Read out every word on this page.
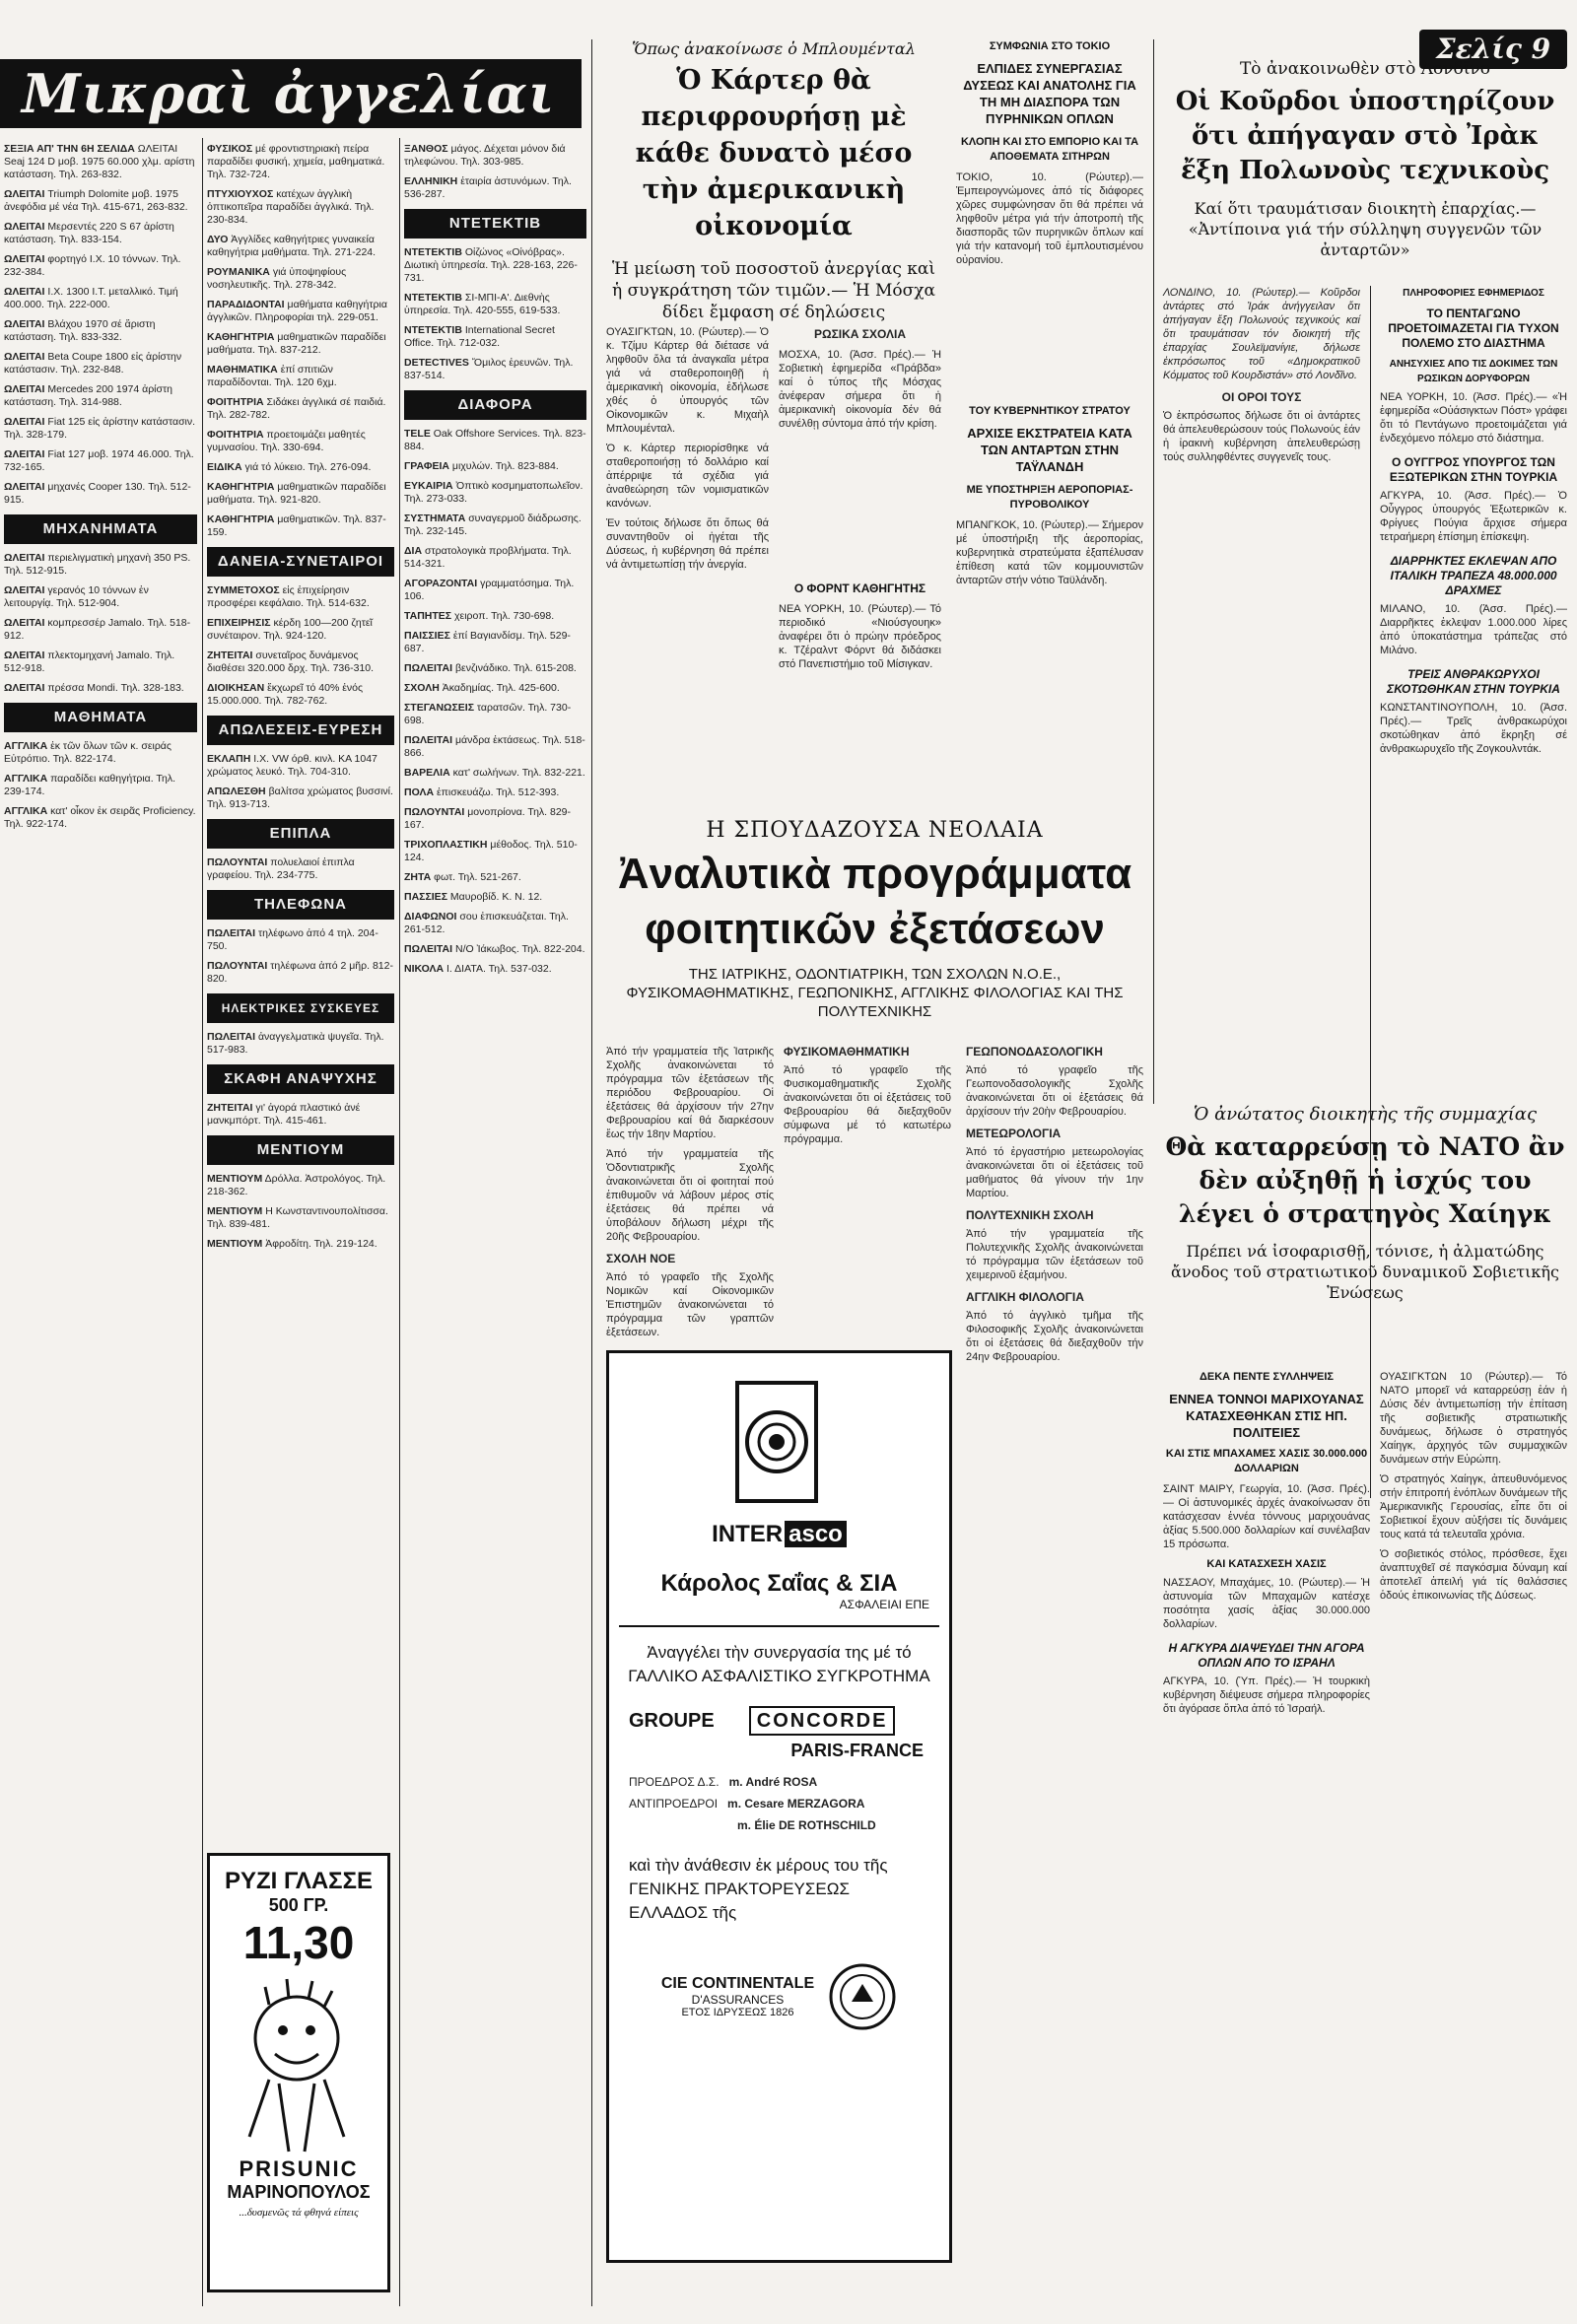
Μικραὶ ἀγγελίαι
Σελίς 9

ΣΕΞΙΑ ΑΠ' ΤΗΝ 6Η ΣΕΛΙΔΑ ΩΛΕΙΤΑΙ Seaj 124 D μοβ. 1975 60.000 χλμ. αρίστη κατάσταση. Τηλ. 263-832.

ΩΛΕΙΤΑΙ Triumph Dolomite μοβ. 1975 ἀνεφόδια μέ νέα Τηλ. 415-671, 263-832.

ΩΛΕΙΤΑΙ Μερσεντές 220 S 67 ἀρίστη κατάσταση. Τηλ. 833-154.

ΩΛΕΙΤΑΙ φορτηγό I.X. 10 τόννων. Τηλ. 232-384.

ΩΛΕΙΤΑΙ Ι.Χ. 1300 Ι.Τ. μεταλλικό. Τιμή 400.000. Τηλ. 222-000.

ΩΛΕΙΤΑΙ Βλάχου 1970 σέ ἄριστη κατάσταση. Τηλ. 833-332.

ΩΛΕΙΤΑΙ Beta Coupe 1800 εἰς ἀρίστην κατάστασιν. Τηλ. 232-848.

ΩΛΕΙΤΑΙ Mercedes 200 1974 ἀρίστη κατάσταση. Τηλ. 314-988.

ΩΛΕΙΤΑΙ Fiat 125 εἰς ἀρίστην κατάστασιν. Τηλ. 328-179.

ΩΛΕΙΤΑΙ Fiat 127 μοβ. 1974 46.000. Τηλ. 732-165.

ΩΛΕΙΤΑΙ μηχανές Cooper 130. Τηλ. 512-915.

ΜΗΧΑΝΗΜΑΤΑ

ΩΛΕΙΤΑΙ περιελιγματικὴ μηχανὴ 350 PS. Τηλ. 512-915.

ΩΛΕΙΤΑΙ γερανός 10 τόννων ἐν λειτουργίᾳ. Τηλ. 512-904.

ΩΛΕΙΤΑΙ κομπρεσσέρ Jamalo. Τηλ. 518-912.

ΩΛΕΙΤΑΙ πλεκτομηχανή Jamalo. Τηλ. 512-918.

ΩΛΕΙΤΑΙ πρέσσα Mondi. Τηλ. 328-183.

ΜΑΘΗΜΑΤΑ

ΑΓΓΛΙΚΑ ἐκ τῶν ὅλων τῶν κ. σειράς Εὐτρόπιο. Τηλ. 822-174.

ΑΓΓΛΙΚΑ παραδίδει καθηγήτρια. Τηλ. 239-174.

ΑΓΓΛΙΚΑ κατ' οἶκον ἐκ σειρᾶς Proficiency. Τηλ. 922-174.

ΦΥΣΙΚΟΣ μέ φροντιστηριακὴ πείρα παραδίδει φυσική, χημεία, μαθηματικά. Τηλ. 732-724.

ΠΤΥΧΙΟΥΧΟΣ κατέχων ἀγγλικὴ ὀπτικοπεῖρα παραδίδει ἀγγλικά. Τηλ. 230-834.

ΔΥΟ Ἀγγλίδες καθηγήτριες γυναικεία καθηγήτρια μαθήματα. Τηλ. 271-224.

ΡΟΥΜΑΝΙΚΑ γιά ὑποψηφίους νοσηλευτικῆς. Τηλ. 278-342.

ΠΑΡΑΔΙΔΟΝΤΑΙ μαθήματα καθηγήτρια ἀγγλικῶν. Πληροφορίαι τηλ. 229-051.

ΚΑΘΗΓΗΤΡΙΑ μαθηματικῶν παραδίδει μαθήματα. Τηλ. 837-212.

ΜΑΘΗΜΑΤΙΚΑ ἐπί σπιτιῶν παραδίδονται. Τηλ. 120 6χμ.

ΦΟΙΤΗΤΡΙΑ Σιδάκει ἀγγλικά σέ παιδιά. Τηλ. 282-782.

ΦΟΙΤΗΤΡΙΑ προετοιμάζει μαθητές γυμνασίου. Τηλ. 330-694.

ΕΙΔΙΚΑ γιά τό λύκειο. Τηλ. 276-094.

ΚΑΘΗΓΗΤΡΙΑ μαθηματικῶν παραδίδει μαθήματα. Τηλ. 921-820.

ΚΑΘΗΓΗΤΡΙΑ μαθηματικῶν. Τηλ. 837-159.

ΔΑΝΕΙΑ-ΣΥΝΕΤΑΙΡΟΙ

ΣΥΜΜΕΤΟΧΟΣ εἰς ἐπιχείρησιν προσφέρει κεφάλαιο. Τηλ. 514-632.

ΕΠΙΧΕΙΡΗΣΙΣ κέρδη 100—200 ζητεῖ συνέταιρον. Τηλ. 924-120.

ΖΗΤΕΙΤΑΙ συνεταῖρος δυνάμενος διαθέσει 320.000 δρχ. Τηλ. 736-310.

ΔΙΟΙΚΗΣΑΝ ἔκχωρεῖ τό 40% ἐνός 15.000.000. Τηλ. 782-762.

ΑΠΩΛΕΣΕΙΣ-ΕΥΡΕΣΗ

ΕΚΛΑΠΗ I.X. VW όρθ. κινλ. ΚΑ 1047 χρώματος λευκό. Τηλ. 704-310.

ΑΠΩΛΕΣΘΗ βαλίτσα χρώματος βυσσινί. Τηλ. 913-713.

ΕΠΙΠΛΑ

ΠΩΛΟΥΝΤΑΙ πολυελαιοί ἐπιπλα γραφείου. Τηλ. 234-775.

ΤΗΛΕΦΩΝΑ

ΠΩΛΕΙΤΑΙ τηλέφωνο ἀπό 4 τηλ. 204-750.

ΠΩΛΟΥΝΤΑΙ τηλέφωνα ἀπό 2 μῆρ. 812-820.

ΗΛΕΚΤΡΙΚΕΣ ΣΥΣΚΕΥΕΣ

ΠΩΛΕΙΤΑΙ ἀναγγελματικὰ ψυγεῖα. Τηλ. 517-983.

ΣΚΑΦΗ ΑΝΑΨΥΧΗΣ

ΖΗΤΕΙΤΑΙ γι' ἀγορά πλαστικό ἀνέ μανκμπόρτ. Τηλ. 415-461.

ΜΕΝΤΙΟΥΜ

ΜΕΝΤΙΟΥΜ Δρόλλα. Ἀστρολόγος. Τηλ. 218-362.

ΜΕΝΤΙΟΥΜ Η Κωνσταντινουπολίτισσα. Τηλ. 839-481.

ΜΕΝΤΙΟΥΜ Ἀφροδίτη. Τηλ. 219-124.

ΞΑΝΘΟΣ μάγος. Δέχεται μόνον διά τηλεφώνου. Τηλ. 303-985.

ΕΛΛΗΝΙΚΗ ἑταιρία ἀστυνόμων. Τηλ. 536-287.

ΝΤΕΤΕΚΤΙΒ

ΝΤΕΤΕΚΤΙΒ Οἰζώνος «Οἰνόβρας». Διωτικὴ ὑπηρεσία. Τηλ. 228-163, 226-731.

ΝΤΕΤΕΚΤΙΒ ΣΙ-ΜΠΙ-Α'. Διεθνὴς ὑπηρεσία. Τηλ. 420-555, 619-533.

ΝΤΕΤΕΚΤΙΒ International Secret Office. Τηλ. 712-032.

DETECTIVES Ὅμιλος ἐρευνῶν. Τηλ. 837-514.

ΔΙΑΦΟΡΑ

TELE Oak Offshore Services. Τηλ. 823-884.

ΓΡΑΦΕΙΑ μιχυλών. Τηλ. 823-884.

ΕΥΚΑΙΡΙΑ Ὀπτικὸ κοσμηματοπωλεῖον. Τηλ. 273-033.

ΣΥΣΤΗΜΑΤΑ συναγερμοῦ διάδρωσης. Τηλ. 232-145.

ΔΙΑ στρατολογικὰ προβλήματα. Τηλ. 514-321.

ΑΓΟΡΑΖΟΝΤΑΙ γραμματόσημα. Τηλ. 106.

ΤΑΠΗΤΕΣ χειροπ. Τηλ. 730-698.

ΠΑΙΣΣΙΕΣ ἐπί Βαγιανδίσμ. Τηλ. 529-687.

ΠΩΛΕΙΤΑΙ βενζινάδικο. Τηλ. 615-208.

ΣΧΟΛΗ Ἀκαδημίας. Τηλ. 425-600.

ΣΤΕΓΑΝΩΣΕΙΣ ταρατσῶν. Τηλ. 730-698.

ΠΩΛΕΙΤΑΙ μάνδρα ἐκτάσεως. Τηλ. 518-866.

ΒΑΡΕΛΙΑ κατ' σωλήνων. Τηλ. 832-221.

ΠΟΛΑ ἐπισκευάζω. Τηλ. 512-393.

ΠΩΛΟΥΝΤΑΙ μονοπρίονα. Τηλ. 829-167.

ΤΡΙΧΟΠΛΑΣΤΙΚΗ μέθοδος. Τηλ. 510-124.

ΖΗΤΑ φωτ. Τηλ. 521-267.

ΠΑΣΣΙΕΣ Μαυροβίδ. Κ. Ν. 12.

ΔΙΑΦΩΝΟΙ σου ἐπισκευάζεται. Τηλ. 261-512.

ΠΩΛΕΙΤΑΙ Ν/Ο Ἰάκωβος. Τηλ. 822-204.

ΝΙΚΟΛΑ Ι. ΔΙΑΤΑ. Τηλ. 537-032.

ΡΥΖΙ ΓΛΑΣΣΕ
500 ΓΡ.
11,30
PRISUNIC
ΜΑΡΙΝΟΠΟΥΛΟΣ
...δυσμενῶς τά φθηνά είπεις
Ὅπως ἀνακοίνωσε ὁ Μπλουμένταλ
Ὁ Κάρτερ θὰ περιφρουρήσῃ μὲ κάθε δυνατὸ μέσο τὴν ἀμερικανικὴ οἰκονομία
Ἡ μείωση τοῦ ποσοστοῦ ἀνεργίας καὶ ἡ συγκράτηση τῶν τιμῶν.— Ἡ Μόσχα δίδει ἔμφαση σέ δηλώσεις

ΟΥΑΣΙΓΚΤΩΝ, 10. (Ρώυτερ).— Ὁ κ. Τζίμυ Κάρτερ θά διέτασε νά ληφθοῦν ὅλα τά ἀναγκαῖα μέτρα γιά νά σταθεροποιηθῇ ἡ ἀμερικανικὴ οἰκονομία, ἐδήλωσε χθές ὁ ὑπουργός τῶν Οἰκονομικῶν κ. Μιχαὴλ Μπλουμένταλ.

Ὁ κ. Κάρτερ περιορίσθηκε νά σταθεροποιήσῃ τό δολλάριο καί ἀπέρριψε τά σχέδια γιά ἀναθεώρηση τῶν νομισματικῶν κανόνων.

Ἐν τούτοις δήλωσε ὅτι ὅπως θά συναντηθοῦν οἱ ἡγέται τῆς Δύσεως, ἡ κυβέρνηση θά πρέπει νά ἀντιμετωπίσῃ τήν ἀνεργία.

ΡΩΣΙΚΑ ΣΧΟΛΙΑ

ΜΟΣΧΑ, 10. (Ἀσσ. Πρές).— Ἡ Σοβιετικὴ ἐφημερίδα «Πράβδα» καί ὁ τύπος τῆς Μόσχας ἀνέφεραν σήμερα ὅτι ἡ ἀμερικανικὴ οἰκονομία δέν θά συνέλθῃ σύντομα ἀπό τήν κρίση.

ΣΥΜΦΩΝΙΑ ΣΤΟ ΤΟΚΙΟ
ΕΛΠΙΔΕΣ ΣΥΝΕΡΓΑΣΙΑΣ ΔΥΣΕΩΣ ΚΑΙ ΑΝΑΤΟΛΗΣ ΓΙΑ ΤΗ ΜΗ ΔΙΑΣΠΟΡΑ ΤΩΝ ΠΥΡΗΝΙΚΩΝ ΟΠΛΩΝ
ΚΛΟΠΗ ΚΑΙ ΣΤΟ ΕΜΠΟΡΙΟ ΚΑΙ ΤΑ ΑΠΟΘΕΜΑΤΑ ΣΙΤΗΡΩΝ

ΤΟΚΙΟ, 10. (Ρώυτερ).— Ἐμπειρογνώμονες ἀπό τίς διάφορες χῶρες συμφώνησαν ὅτι θά πρέπει νά ληφθοῦν μέτρα γιά τήν ἀποτροπὴ τῆς διασπορᾶς τῶν πυρηνικῶν ὅπλων καί γιά τήν κατανομή τοῦ ἐμπλουτισμένου οὐρανίου.

Ο ΦΟΡΝΤ ΚΑΘΗΓΗΤΗΣ

ΝΕΑ ΥΟΡΚΗ, 10. (Ρώυτερ).— Τό περιοδικό «Νιούσγουηκ» ἀναφέρει ὅτι ὁ πρώην πρόεδρος κ. Τζέραλντ Φόρντ θά διδάσκει στό Πανεπιστήμιο τοῦ Μίσιγκαν.

ΤΟΥ ΚΥΒΕΡΝΗΤΙΚΟΥ ΣΤΡΑΤΟΥ
ΑΡΧΙΣΕ ΕΚΣΤΡΑΤΕΙΑ ΚΑΤΑ ΤΩΝ ΑΝΤΑΡΤΩΝ ΣΤΗΝ ΤΑΫΛΑΝΔΗ
ΜΕ ΥΠΟΣΤΗΡΙΞΗ ΑΕΡΟΠΟΡΙΑΣ-ΠΥΡΟΒΟΛΙΚΟΥ

ΜΠΑΝΓΚΟΚ, 10. (Ρώυτερ).— Σήμερον μέ ὑποστήριξη τῆς ἀεροπορίας, κυβερνητικὰ στρατεύματα ἐξαπέλυσαν ἐπίθεση κατά τῶν κομμουνιστῶν ἀνταρτῶν στήν νότιο Ταϋλάνδη.

Η ΣΠΟΥΔΑΖΟΥΣΑ ΝΕΟΛΑΙΑ
Ἀναλυτικὰ προγράμματα φοιτητικῶν ἐξετάσεων
ΤΗΣ ΙΑΤΡΙΚΗΣ, ΟΔΟΝΤΙΑΤΡΙΚΗ, ΤΩΝ ΣΧΟΛΩΝ Ν.Ο.Ε., ΦΥΣΙΚΟΜΑΘΗΜΑΤΙΚΗΣ, ΓΕΩΠΟΝΙΚΗΣ, ΑΓΓΛΙΚΗΣ ΦΙΛΟΛΟΓΙΑΣ ΚΑΙ ΤΗΣ ΠΟΛΥΤΕΧΝΙΚΗΣ

Ἀπό τήν γραμματεία τῆς Ἰατρικῆς Σχολῆς ἀνακοινώνεται τό πρόγραμμα τῶν ἐξετάσεων τῆς περιόδου Φεβρουαρίου. Οἱ ἐξετάσεις θά ἀρχίσουν τήν 27ην Φεβρουαρίου καί θά διαρκέσουν ἕως τήν 18ην Μαρτίου.

Ἀπό τήν γραμματεία τῆς Ὀδοντιατρικῆς Σχολῆς ἀνακοινώνεται ὅτι οἱ φοιτηταί πού ἐπιθυμοῦν νά λάβουν μέρος στίς ἐξετάσεις θά πρέπει νά ὑποβάλουν δήλωση μέχρι τῆς 20ῆς Φεβρουαρίου.

ΣΧΟΛΗ ΝΟΕ

Ἀπό τό γραφεῖο τῆς Σχολῆς Νομικῶν καί Οἰκονομικῶν Ἐπιστημῶν ἀνακοινώνεται τό πρόγραμμα τῶν γραπτῶν ἐξετάσεων.

ΦΥΣΙΚΟΜΑΘΗΜΑΤΙΚΗ

Ἀπό τό γραφεῖο τῆς Φυσικομαθηματικῆς Σχολῆς ἀνακοινώνεται ὅτι οἱ ἐξετάσεις τοῦ Φεβρουαρίου θά διεξαχθοῦν σύμφωνα μέ τό κατωτέρω πρόγραμμα.

ΓΕΩΠΟΝΟΔΑΣΟΛΟΓΙΚΗ

Ἀπό τό γραφεῖο τῆς Γεωπονοδασολογικῆς Σχολῆς ἀνακοινώνεται ὅτι οἱ ἐξετάσεις θά ἀρχίσουν τήν 20ὴν Φεβρουαρίου.

ΜΕΤΕΩΡΟΛΟΓΙΑ

Ἀπό τό ἐργαστήριο μετεωρολογίας ἀνακοινώνεται ὅτι οἱ ἐξετάσεις τοῦ μαθήματος θά γίνουν τήν 1ην Μαρτίου.

ΠΟΛΥΤΕΧΝΙΚΗ ΣΧΟΛΗ

Ἀπό τήν γραμματεία τῆς Πολυτεχνικῆς Σχολῆς ἀνακοινώνεται τό πρόγραμμα τῶν ἐξετάσεων τοῦ χειμερινοῦ ἑξαμήνου.

ΑΓΓΛΙΚΗ ΦΙΛΟΛΟΓΙΑ

Ἀπό τό ἀγγλικὸ τμῆμα τῆς Φιλοσοφικῆς Σχολῆς ἀνακοινώνεται ὅτι οἱ ἐξετάσεις θά διεξαχθοῦν τήν 24ην Φεβρουαρίου.

INTER asco
Κάρολος Σαΐας & ΣΙΑ
ΑΣΦΑΛΕΙΑΙ ΕΠΕ
Ἀναγγέλει τὴν συνεργασία της μέ τό ΓΑΛΛΙΚΟ ΑΣΦΑΛΙΣΤΙΚΟ ΣΥΓΚΡΟΤΗΜΑ
GROUPE CONCORDE
PARIS-FRANCE
ΠΡΟΕΔΡΟΣ Δ.Σ. m. André ROSA
ΑΝΤΙΠΡΟΕΔΡΟΙ m. Cesare MERZAGORA
m. Élie DE ROTHSCHILD
καὶ τὴν ἀνάθεσιν ἐκ μέρους του τῆς ΓΕΝΙΚΗΣ ΠΡΑΚΤΟΡΕΥΣΕΩΣ ΕΛΛΑΔΟΣ τῆς
CIE CONTINENTALE
D'ASSURANCES
ΕΤΟΣ ΙΔΡΥΣΕΩΣ 1826
Τὸ ἀνακοινωθὲν στὸ Λονδῖνο
Οἱ Κοῦρδοι ὑποστηρίζουν ὅτι ἀπήγαγαν στὸ Ἰρὰκ ἔξη Πολωνοὺς τεχνικοὺς
Καί ὅτι τραυμάτισαν διοικητὴ ἐπαρχίας.— «Ἀντίποινα γιά τήν σύλληψη συγγενῶν τῶν ἀνταρτῶν»

ΛΟΝΔΙΝΟ, 10. (Ρώυτερ).— Κοῦρδοι ἀντάρτες στό Ἰράκ ἀνήγγειλαν ὅτι ἀπήγαγαν ἔξη Πολωνούς τεχνικούς καί ὅτι τραυμάτισαν τόν διοικητή τῆς ἐπαρχίας Σουλεϊμανίγιε, δήλωσε ἐκπρόσωπος τοῦ «Δημοκρατικοῦ Κόμματος τοῦ Κουρδιστάν» στό Λονδῖνο.

ΟΙ ΟΡΟΙ ΤΟΥΣ

Ὁ ἐκπρόσωπος δήλωσε ὅτι οἱ ἀντάρτες θά ἀπελευθερώσουν τούς Πολωνούς ἐάν ἡ ἰρακινὴ κυβέρνηση ἀπελευθερώσῃ τούς συλληφθέντες συγγενεῖς τους.

ΠΛΗΡΟΦΟΡΙΕΣ ΕΦΗΜΕΡΙΔΟΣ
ΤΟ ΠΕΝΤΑΓΩΝΟ ΠΡΟΕΤΟΙΜΑΖΕΤΑΙ ΓΙΑ ΤΥΧΟΝ ΠΟΛΕΜΟ ΣΤΟ ΔΙΑΣΤΗΜΑ
ΑΝΗΣΥΧΙΕΣ ΑΠΟ ΤΙΣ ΔΟΚΙΜΕΣ ΤΩΝ ΡΩΣΙΚΩΝ ΔΟΡΥΦΟΡΩΝ

ΝΕΑ ΥΟΡΚΗ, 10. (Ἀσσ. Πρές).— «Ἡ ἐφημερίδα «Οὐάσιγκτων Πόστ» γράφει ὅτι τό Πεντάγωνο προετοιμάζεται γιά ἐνδεχόμενο πόλεμο στό διάστημα.

Ο ΟΥΓΓΡΟΣ ΥΠΟΥΡΓΟΣ ΤΩΝ ΕΞΩΤΕΡΙΚΩΝ ΣΤΗΝ ΤΟΥΡΚΙΑ

ΑΓΚΥΡΑ, 10. (Ἀσσ. Πρές).— Ὁ Οὖγγρος ὑπουργός Ἐξωτερικῶν κ. Φρίγυες Πούγια ἄρχισε σήμερα τετραήμερη ἐπίσημη ἐπίσκεψη.

ΔΙΑΡΡΗΚΤΕΣ ΕΚΛΕΨΑΝ ΑΠΟ ΙΤΑΛΙΚΗ ΤΡΑΠΕΖΑ 48.000.000 ΔΡΑΧΜΕΣ

ΜΙΛΑΝΟ, 10. (Ἀσσ. Πρές).— Διαρρῆκτες ἐκλεψαν 1.000.000 λίρες ἀπό ὑποκατάστημα τράπεζας στό Μιλάνο.

ΤΡΕΙΣ ΑΝΘΡΑΚΩΡΥΧΟΙ ΣΚΟΤΩΘΗΚΑΝ ΣΤΗΝ ΤΟΥΡΚΙΑ

ΚΩΝΣΤΑΝΤΙΝΟΥΠΟΛΗ, 10. (Ἀσσ. Πρές).— Τρεῖς ἀνθρακωρύχοι σκοτώθηκαν ἀπό ἔκρηξη σέ ἀνθρακωρυχεῖο τῆς Ζογκουλντάκ.

Ὁ ἀνώτατος διοικητὴς τῆς συμμαχίας
Θὰ καταρρεύσῃ τὸ ΝΑΤΟ ἂν δὲν αὐξηθῇ ἡ ἰσχύς του λέγει ὁ στρατηγὸς Χαίηγκ
Πρέπει νά ἰσοφαρισθῇ, τόνισε, ἡ ἀλματώδης ἄνοδος τοῦ στρατιωτικοῦ δυναμικοῦ Σοβιετικῆς Ἑνώσεως

ΟΥΑΣΙΓΚΤΩΝ 10 (Ρώυτερ).— Τό ΝΑΤΟ μπορεῖ νά καταρρεύσῃ ἐάν ἡ Δύσις δέν ἀντιμετωπίσῃ τήν ἐπίταση τῆς σοβιετικῆς στρατιωτικῆς δυνάμεως, δήλωσε ὁ στρατηγός Χαίηγκ, ἀρχηγός τῶν συμμαχικῶν δυνάμεων στήν Εὐρώπη.

Ὁ στρατηγός Χαίηγκ, ἀπευθυνόμενος στήν ἐπιτροπή ἐνόπλων δυνάμεων τῆς Ἀμερικανικῆς Γερουσίας, εἶπε ὅτι οἱ Σοβιετικοί ἔχουν αὐξήσει τίς δυνάμεις τους κατά τά τελευταῖα χρόνια.

Ὁ σοβιετικός στόλος, πρόσθεσε, ἔχει ἀναπτυχθεῖ σέ παγκόσμια δύναμη καί ἀποτελεῖ ἀπειλή γιά τίς θαλάσσιες ὁδούς ἐπικοινωνίας τῆς Δύσεως.

ΔΕΚΑ ΠΕΝΤΕ ΣΥΛΛΗΨΕΙΣ
ΕΝΝΕΑ ΤΟΝΝΟΙ ΜΑΡΙΧΟΥΑΝΑΣ ΚΑΤΑΣΧΕΘΗΚΑΝ ΣΤΙΣ ΗΠ. ΠΟΛΙΤΕΙΕΣ
ΚΑΙ ΣΤΙΣ ΜΠΑΧΑΜΕΣ ΧΑΣΙΣ 30.000.000 ΔΟΛΛΑΡΙΩΝ

ΣΑΙΝΤ ΜΑΙΡΥ, Γεωργία, 10. (Ἀσσ. Πρές).— Οἱ ἀστυνομικές ἀρχές ἀνακοίνωσαν ὅτι κατάσχεσαν ἐννέα τόννους μαριχουάνας ἀξίας 5.500.000 δολλαρίων καί συνέλαβαν 15 πρόσωπα.

ΚΑΙ ΚΑΤΑΣΧΕΣΗ ΧΑΣΙΣ

ΝΑΣΣΑΟΥ, Μπαχάμες, 10. (Ρώυτερ).— Ἡ ἀστυνομία τῶν Μπαχαμῶν κατέσχε ποσότητα χασίς ἀξίας 30.000.000 δολλαρίων.

Η ΑΓΚΥΡΑ ΔΙΑΨΕΥΔΕΙ ΤΗΝ ΑΓΟΡΑ ΟΠΛΩΝ ΑΠΟ ΤΟ ΙΣΡΑΗΛ

ΑΓΚΥΡΑ, 10. (Ὑπ. Πρές).— Ἡ τουρκικὴ κυβέρνηση διέψευσε σήμερα πληροφορίες ὅτι ἀγόρασε ὅπλα ἀπό τό Ἰσραήλ.
